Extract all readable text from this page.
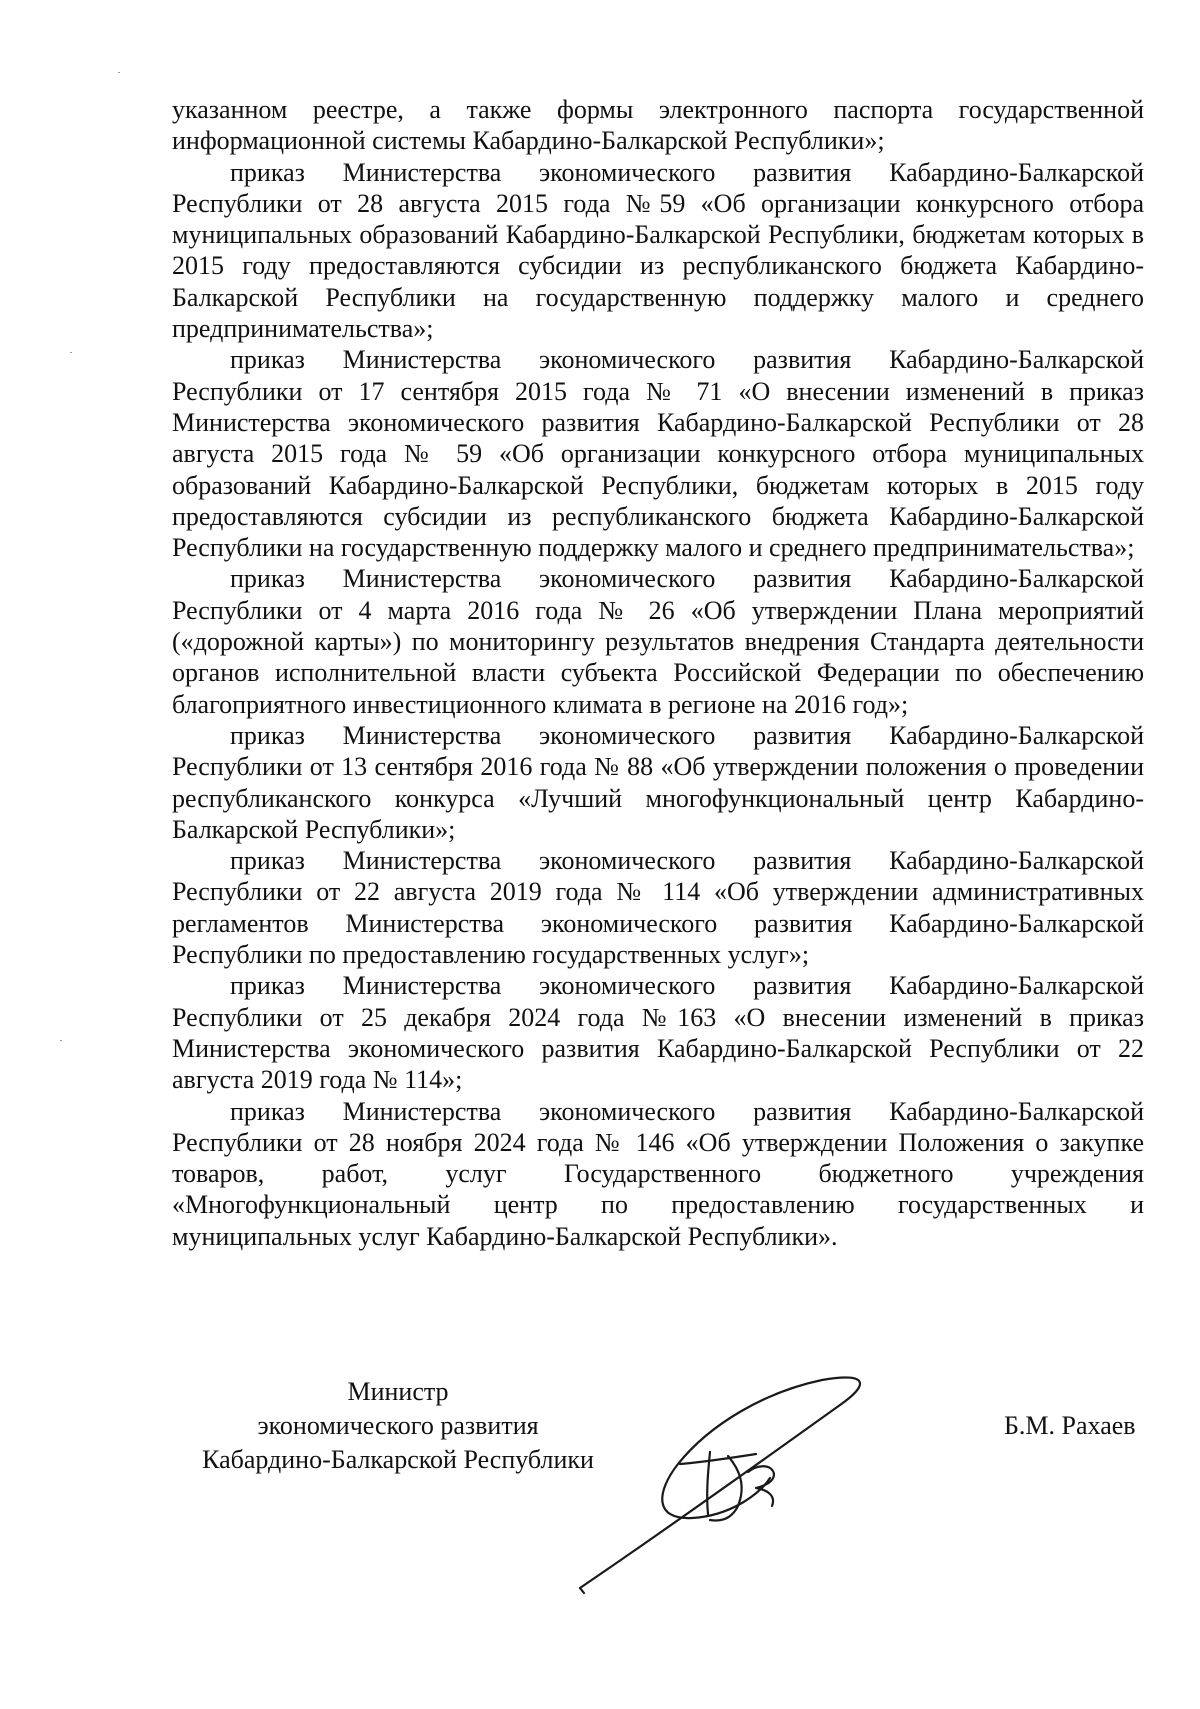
указанном реестре, а также формы электронного паспорта государственной информационной системы Кабардино-Балкарской Республики»;

приказ Министерства экономического развития Кабардино-Балкарской Республики от 28 августа 2015 года №59 «Об организации конкурсного отбора муниципальных образований Кабардино-Балкарской Республики, бюджетам которых в 2015 году предоставляются субсидии из республиканского бюджета Кабардино-Балкарской Республики на государственную поддержку малого и среднего предпринимательства»;

приказ Министерства экономического развития Кабардино-Балкарской Республики от 17 сентября 2015 года № 71 «О внесении изменений в приказ Министерства экономического развития Кабардино-Балкарской Республики от 28 августа 2015 года № 59 «Об организации конкурсного отбора муниципальных образований Кабардино-Балкарской Республики, бюджетам которых в 2015 году предоставляются субсидии из республиканского бюджета Кабардино-Балкарской Республики на государственную поддержку малого и среднего предпринимательства»;

приказ Министерства экономического развития Кабардино-Балкарской Республики от 4 марта 2016 года № 26 «Об утверждении Плана мероприятий («дорожной карты») по мониторингу результатов внедрения Стандарта деятельности органов исполнительной власти субъекта Российской Федерации по обеспечению благоприятного инвестиционного климата в регионе на 2016 год»;

приказ Министерства экономического развития Кабардино-Балкарской Республики от 13 сентября 2016 года № 88 «Об утверждении положения о проведении республиканского конкурса «Лучший многофункциональный центр Кабардино-Балкарской Республики»;

приказ Министерства экономического развития Кабардино-Балкарской Республики от 22 августа 2019 года № 114 «Об утверждении административных регламентов Министерства экономического развития Кабардино-Балкарской Республики по предоставлению государственных услуг»;

приказ Министерства экономического развития Кабардино-Балкарской Республики от 25 декабря 2024 года №163 «О внесении изменений в приказ Министерства экономического развития Кабардино-Балкарской Республики от 22 августа 2019 года № 114»;

приказ Министерства экономического развития Кабардино-Балкарской Республики от 28 ноября 2024 года № 146 «Об утверждении Положения о закупке товаров, работ, услуг Государственного бюджетного учреждения «Многофункциональный центр по предоставлению государственных и муниципальных услуг Кабардино-Балкарской Республики».

Министр
экономического развития
Кабардино-Балкарской Республики
Б.М. Рахаев
